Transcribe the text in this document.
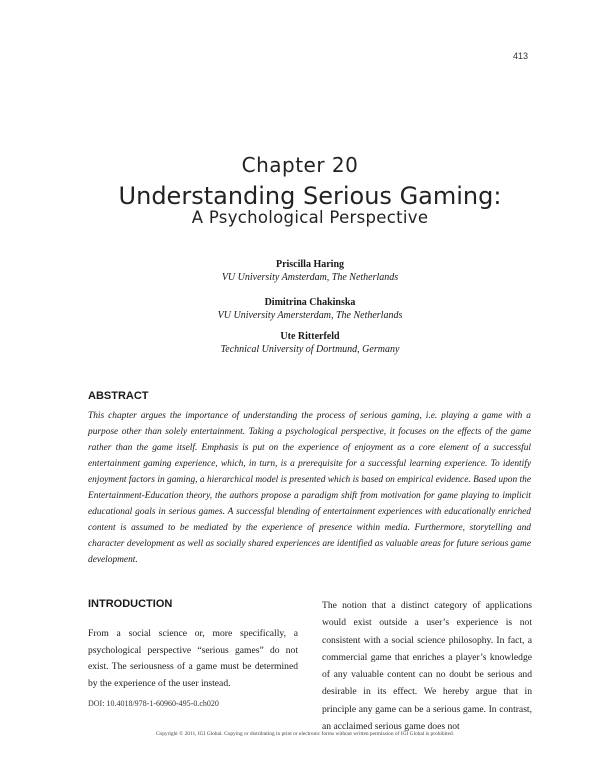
413
Chapter 20
Understanding Serious Gaming:
A Psychological Perspective
Priscilla Haring
VU University Amsterdam, The Netherlands
Dimitrina Chakinska
VU University Amersterdam, The Netherlands
Ute Ritterfeld
Technical University of Dortmund, Germany
ABSTRACT
This chapter argues the importance of understanding the process of serious gaming, i.e. playing a game with a purpose other than solely entertainment. Taking a psychological perspective, it focuses on the effects of the game rather than the game itself. Emphasis is put on the experience of enjoyment as a core element of a successful entertainment gaming experience, which, in turn, is a prerequisite for a successful learning experience. To identify enjoyment factors in gaming, a hierarchical model is presented which is based on empirical evidence. Based upon the Entertainment-Education theory, the authors propose a paradigm shift from motivation for game playing to implicit educational goals in serious games. A successful blending of entertainment experiences with educationally enriched content is assumed to be mediated by the experience of presence within media. Furthermore, storytelling and character development as well as socially shared experiences are identified as valuable areas for future serious game development.
INTRODUCTION
From a social science or, more specifically, a psychological perspective “serious games” do not exist. The seriousness of a game must be determined by the experience of the user instead.
The notion that a distinct category of applications would exist outside a user’s experience is not consistent with a social science philosophy. In fact, a commercial game that enriches a player’s knowledge of any valuable content can no doubt be serious and desirable in its effect. We hereby argue that in principle any game can be a serious game. In contrast, an acclaimed serious game does not
DOI: 10.4018/978-1-60960-495-0.ch020
Copyright © 2011, IGI Global. Copying or distributing in print or electronic forms without written permission of IGI Global is prohibited.
